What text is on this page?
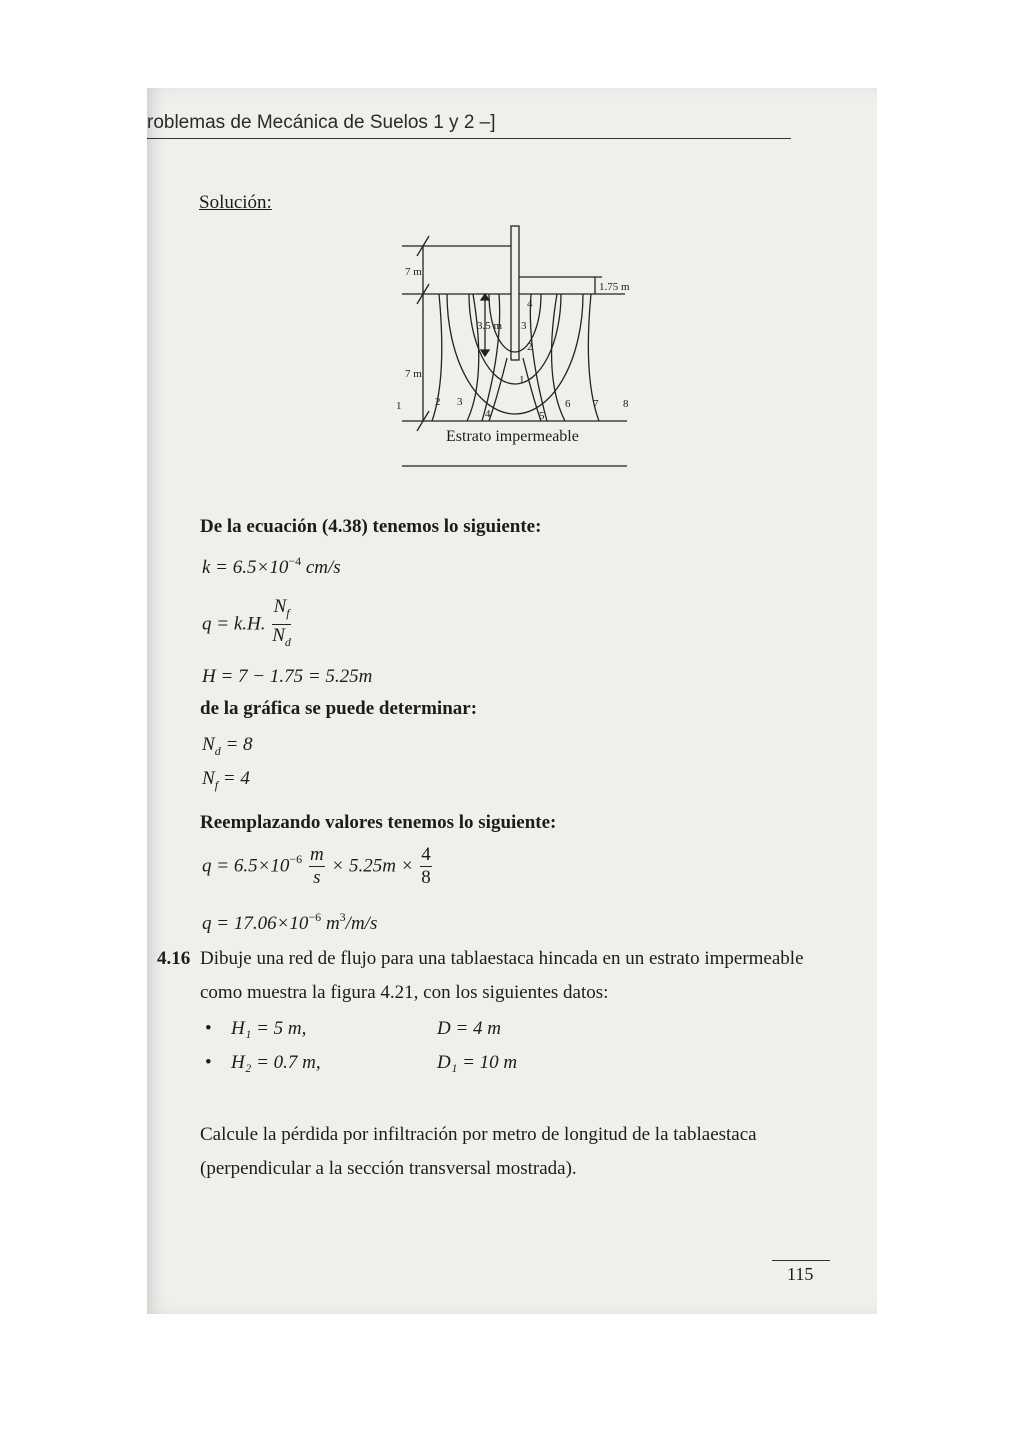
roblemas de Mecánica de Suelos 1 y 2 –]
Solución:
7 m
1.75 m
3.5 m
7 m
4
3
2
1
1	2 3
4	5
6 7 8
Estrato impermeable
De la ecuación (4.38) tenemos lo siguiente:
$k = 6.5\times 10^{-4}$ cm/s
q = k.H. $\frac{N_f}{N_d}$
H = 7 − 1.75 = 5.25m
de la gráfica se puede determinar:
$N_d = 8$
$N_f = 4$
Reemplazando valores tenemos lo siguiente:
$q = 6.5\times 10^{-6} \frac{m}{s} \times 5.25m \times \frac{4}{8}$
$q = 17.06\times 10^{-6}$ $m^3/m/s$
4.16 Dibuje una red de flujo para una tablaestaca hincada en un estrato impermeable
como muestra la figura 4.21, con los siguientes datos:
• H₁ = 5 m,	D = 4 m
• H₂ = 0.7 m,	D₁ = 10 m
Calcule la pérdida por infiltración por metro de longitud de la tablaestaca
(perpendicular a la sección transversal mostrada).
115
